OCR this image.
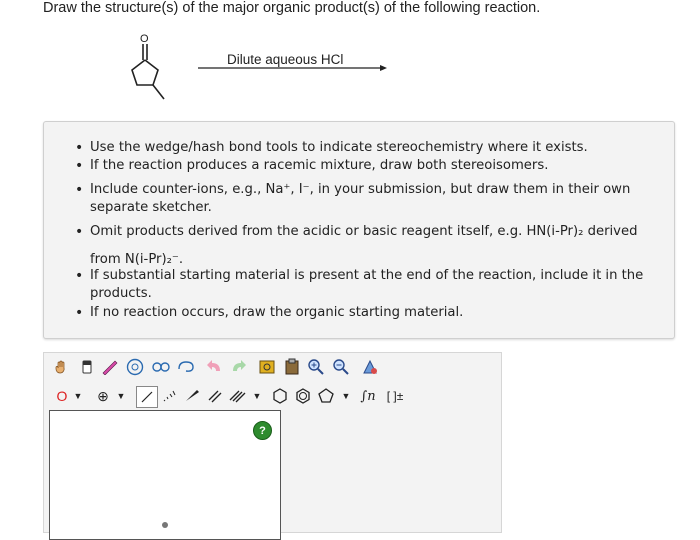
Draw the structure(s) of the major organic product(s) of the following reaction.
O
Dilute aqueous HCl
• Use the wedge/hash bond tools to indicate stereochemistry where it exists.
• If the reaction produces a racemic mixture, draw both stereoisomers.
• Include counter-ions, e.g., Na⁺, I⁻, in your submission, but draw them in their own separate sketcher.
• Omit products derived from the acidic or basic reagent itself, e.g. HN(i-Pr)₂ derived from N(i-Pr)₂⁻.
• If substantial starting material is present at the end of the reaction, include it in the products.
• If no reaction occurs, draw the organic starting material.
O ▼	⊕ ▼	▼	▼ ∫n [ ]±
?
